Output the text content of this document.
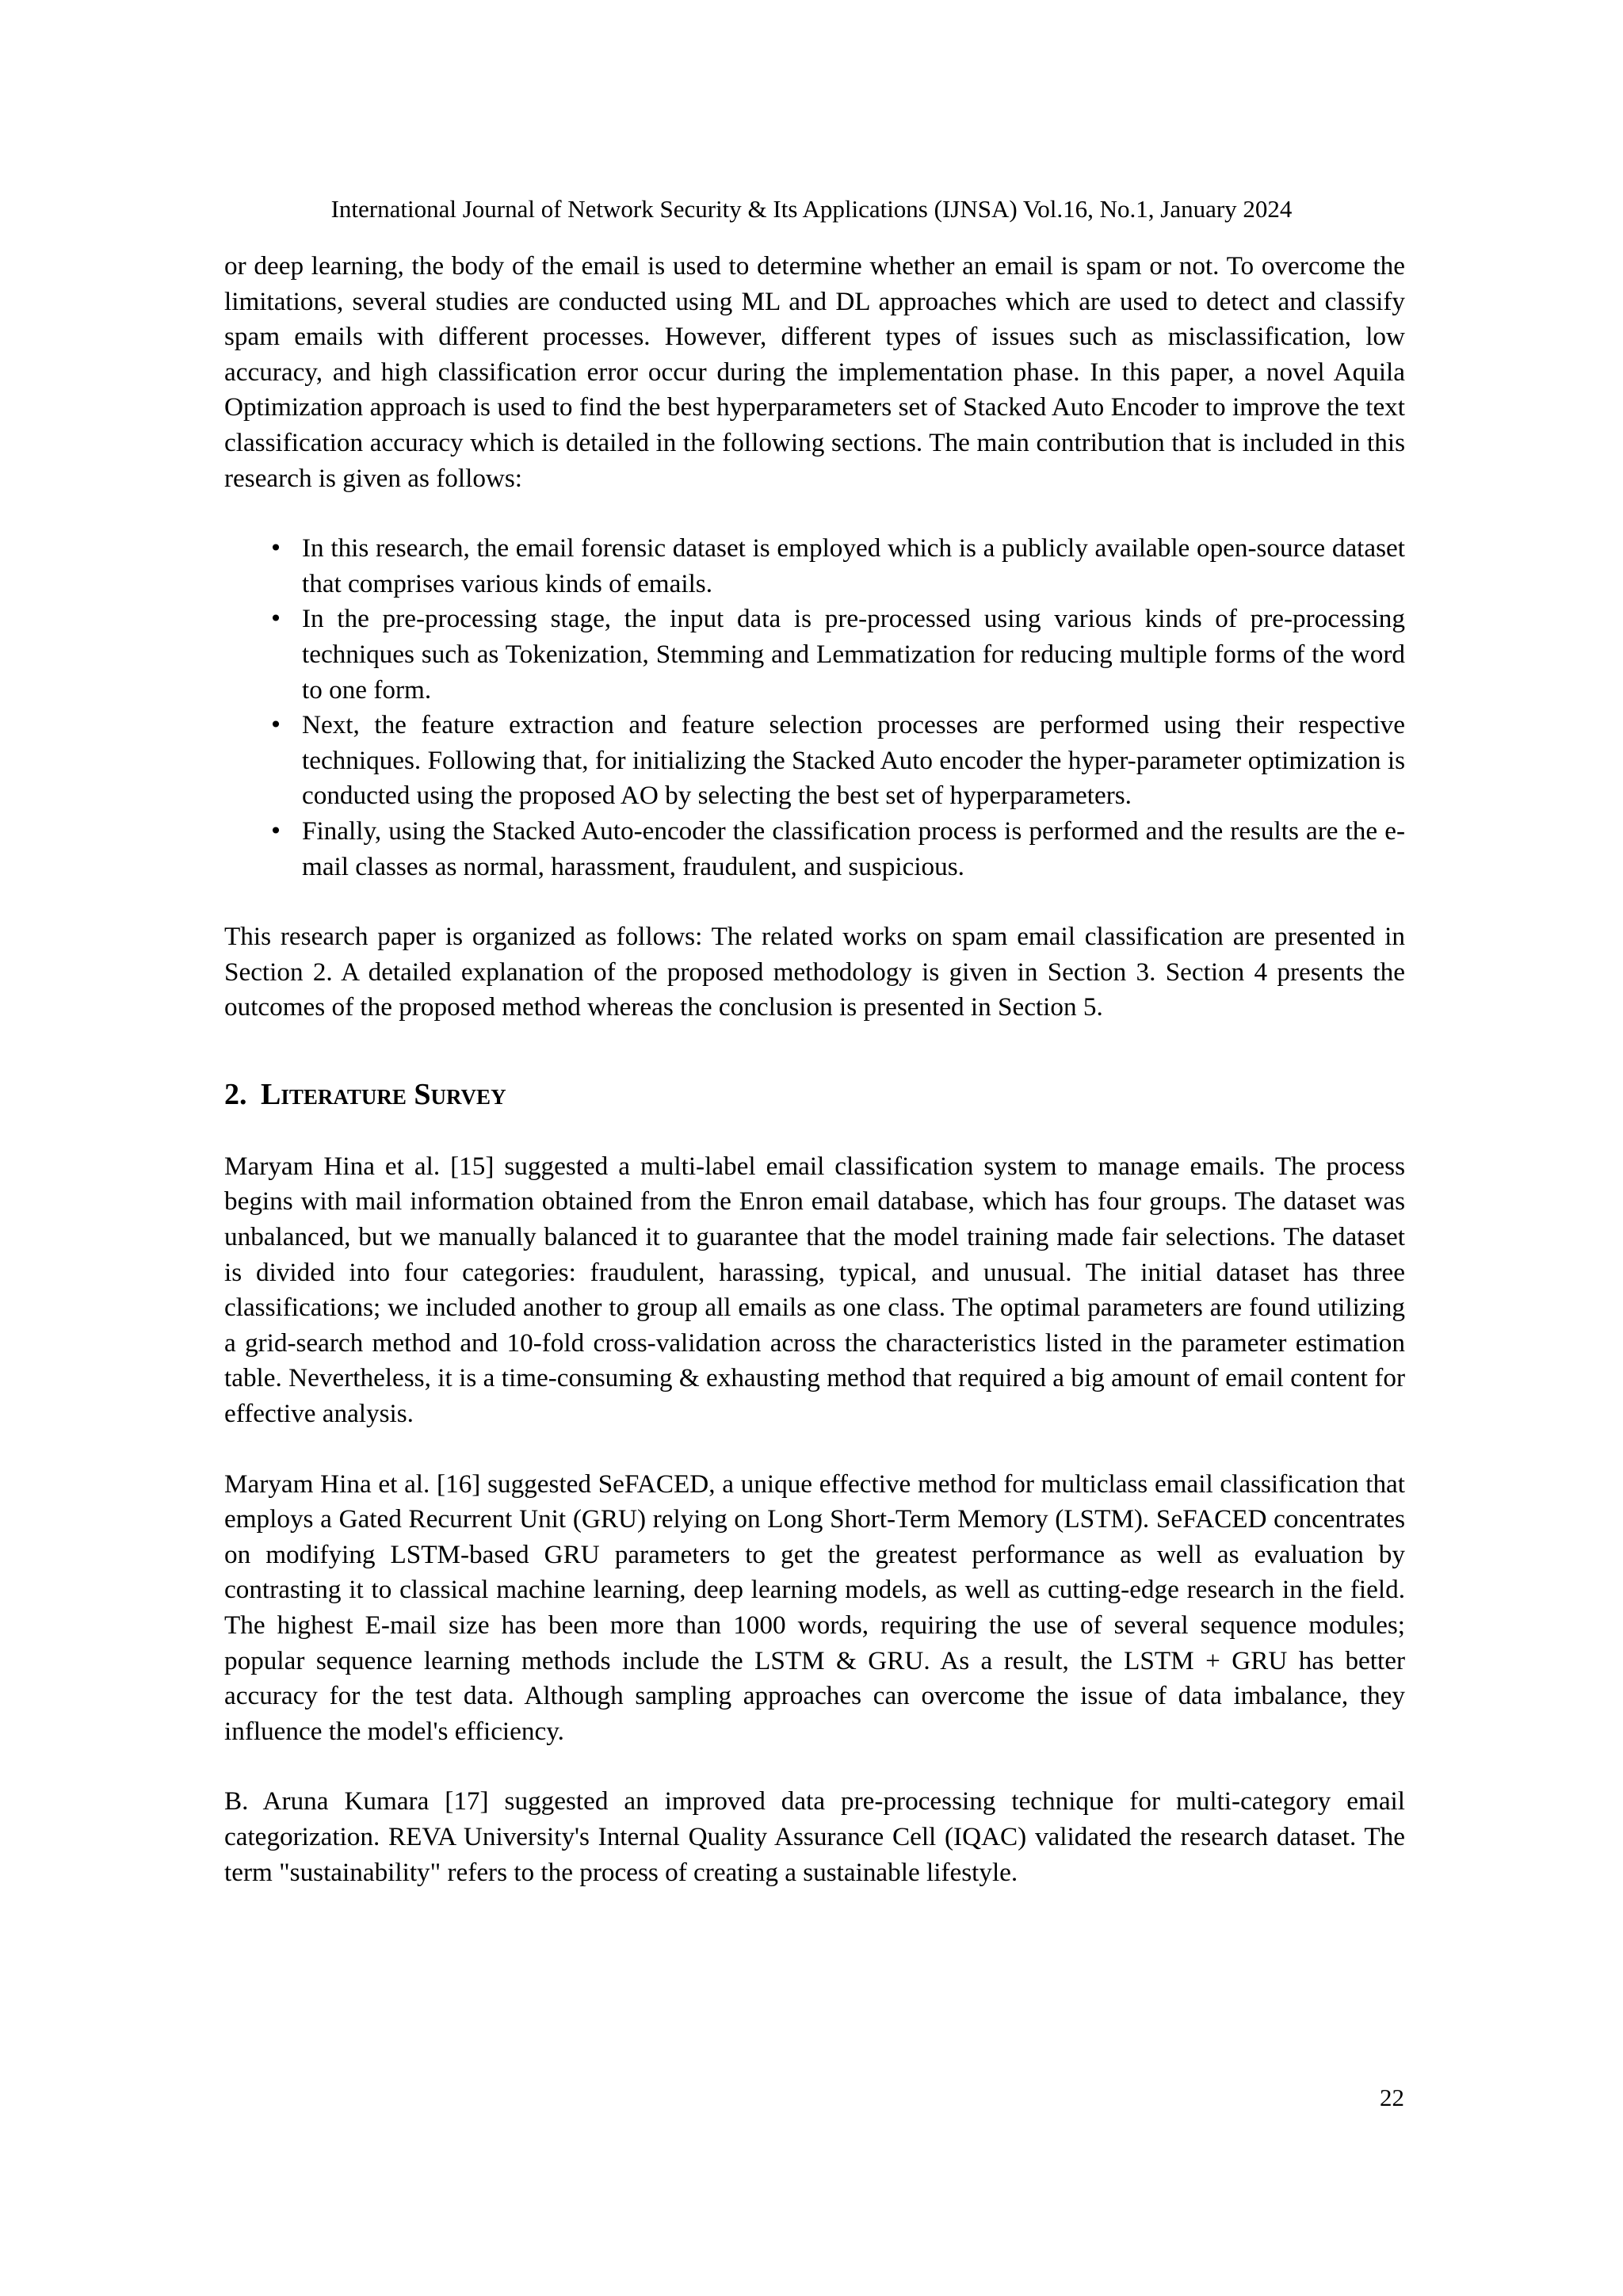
International Journal of Network Security & Its Applications (IJNSA) Vol.16, No.1, January 2024

or deep learning, the body of the email is used to determine whether an email is spam or not. To overcome the limitations, several studies are conducted using ML and DL approaches which are used to detect and classify spam emails with different processes. However, different types of issues such as misclassification, low accuracy, and high classification error occur during the implementation phase. In this paper, a novel Aquila Optimization approach is used to find the best hyperparameters set of Stacked Auto Encoder to improve the text classification accuracy which is detailed in the following sections. The main contribution that is included in this research is given as follows:

• In this research, the email forensic dataset is employed which is a publicly available open-source dataset that comprises various kinds of emails.
• In the pre-processing stage, the input data is pre-processed using various kinds of pre-processing techniques such as Tokenization, Stemming and Lemmatization for reducing multiple forms of the word to one form.
• Next, the feature extraction and feature selection processes are performed using their respective techniques. Following that, for initializing the Stacked Auto encoder the hyper-parameter optimization is conducted using the proposed AO by selecting the best set of hyperparameters.
• Finally, using the Stacked Auto-encoder the classification process is performed and the results are the e-mail classes as normal, harassment, fraudulent, and suspicious.

This research paper is organized as follows: The related works on spam email classification are presented in Section 2. A detailed explanation of the proposed methodology is given in Section 3. Section 4 presents the outcomes of the proposed method whereas the conclusion is presented in Section 5.

2. Literature Survey

Maryam Hina et al. [15] suggested a multi-label email classification system to manage emails. The process begins with mail information obtained from the Enron email database, which has four groups. The dataset was unbalanced, but we manually balanced it to guarantee that the model training made fair selections. The dataset is divided into four categories: fraudulent, harassing, typical, and unusual. The initial dataset has three classifications; we included another to group all emails as one class. The optimal parameters are found utilizing a grid-search method and 10-fold cross-validation across the characteristics listed in the parameter estimation table. Nevertheless, it is a time-consuming & exhausting method that required a big amount of email content for effective analysis.

Maryam Hina et al. [16] suggested SeFACED, a unique effective method for multiclass email classification that employs a Gated Recurrent Unit (GRU) relying on Long Short-Term Memory (LSTM). SeFACED concentrates on modifying LSTM-based GRU parameters to get the greatest performance as well as evaluation by contrasting it to classical machine learning, deep learning models, as well as cutting-edge research in the field. The highest E-mail size has been more than 1000 words, requiring the use of several sequence modules; popular sequence learning methods include the LSTM & GRU. As a result, the LSTM + GRU has better accuracy for the test data. Although sampling approaches can overcome the issue of data imbalance, they influence the model's efficiency.

B. Aruna Kumara [17] suggested an improved data pre-processing technique for multi-category email categorization. REVA University's Internal Quality Assurance Cell (IQAC) validated the research dataset. The term "sustainability" refers to the process of creating a sustainable lifestyle.

22
